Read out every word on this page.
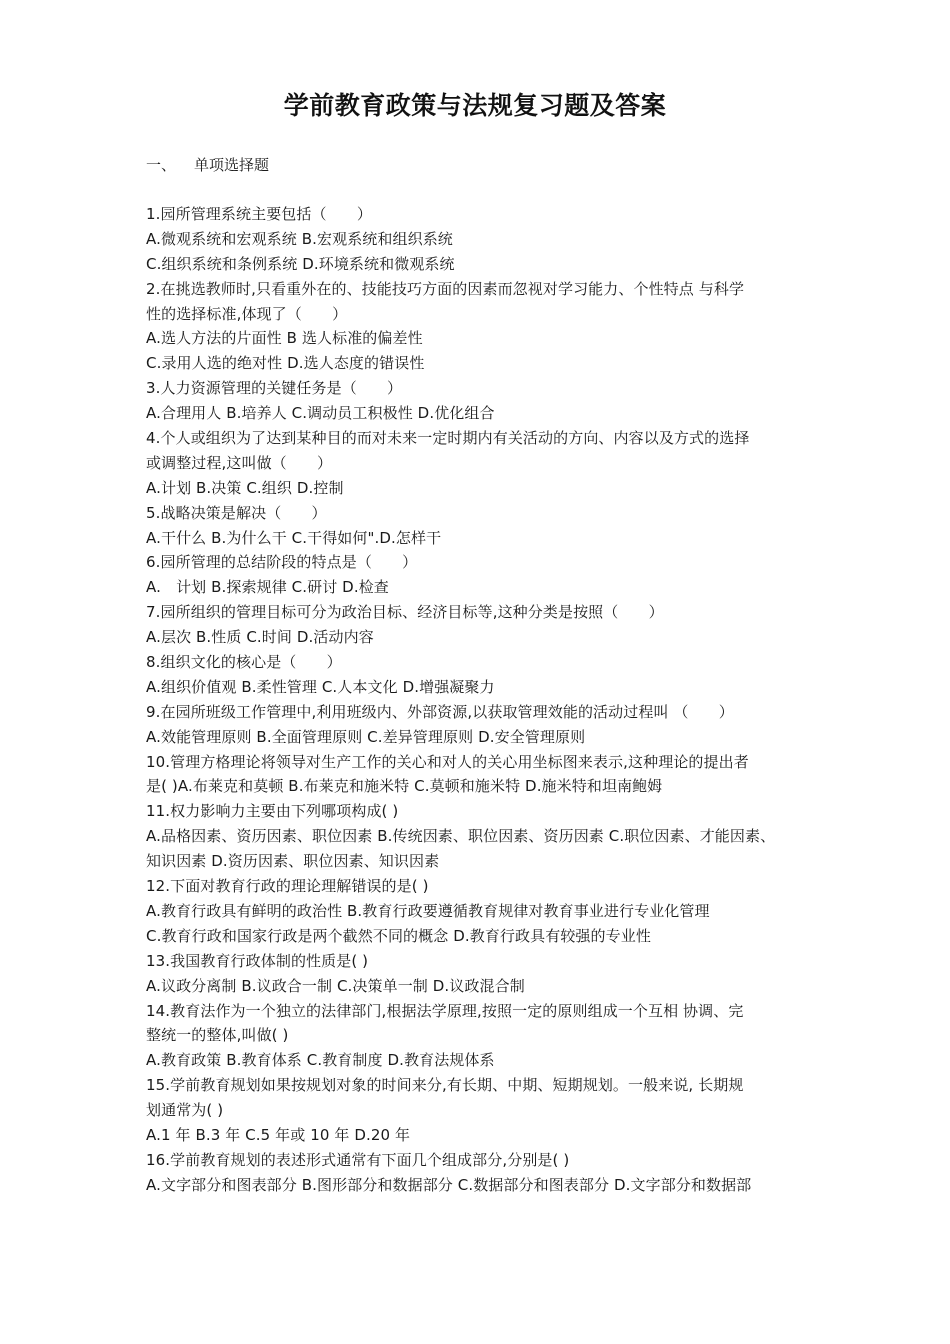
学前教育政策与法规复习题及答案
一、 单项选择题
1.园所管理系统主要包括（　　）
A.微观系统和宏观系统 B.宏观系统和组织系统
C.组织系统和条例系统 D.环境系统和微观系统
2.在挑选教师时,只看重外在的、技能技巧方面的因素而忽视对学习能力、个性特点 与科学
性的选择标准,体现了（　　）
A.选人方法的片面性 B 选人标准的偏差性
C.录用人选的绝对性 D.选人态度的错误性
3.人力资源管理的关键任务是（　　）
A.合理用人 B.培养人 C.调动员工积极性 D.优化组合
4.个人或组织为了达到某种目的而对未来一定时期内有关活动的方向、内容以及方式的选择
或调整过程,这叫做（　　）
A.计划 B.决策 C.组织 D.控制
5.战略决策是解决（　　）
A.干什么 B.为什么干 C.干得如何".D.怎样干
6.园所管理的总结阶段的特点是（　　）
A.　计划 B.探索规律 C.研讨 D.检查
7.园所组织的管理目标可分为政治目标、经济目标等,这种分类是按照（　　）
A.层次 B.性质 C.时间 D.活动内容
8.组织文化的核心是（　　）
A.组织价值观 B.柔性管理 C.人本文化 D.增强凝聚力
9.在园所班级工作管理中,利用班级内、外部资源,以获取管理效能的活动过程叫 （　　）
A.效能管理原则 B.全面管理原则 C.差异管理原则 D.安全管理原则
10.管理方格理论将领导对生产工作的关心和对人的关心用坐标图来表示,这种理论的提出者
是( )A.布莱克和莫顿 B.布莱克和施米特 C.莫顿和施米特 D.施米特和坦南鲍姆
11.权力影响力主要由下列哪项构成( )
A.品格因素、资历因素、职位因素 B.传统因素、职位因素、资历因素 C.职位因素、才能因素、
知识因素 D.资历因素、职位因素、知识因素
12.下面对教育行政的理论理解错误的是( )
A.教育行政具有鲜明的政治性 B.教育行政要遵循教育规律对教育事业进行专业化管理
C.教育行政和国家行政是两个截然不同的概念 D.教育行政具有较强的专业性
13.我国教育行政体制的性质是( )
A.议政分离制 B.议政合一制 C.决策单一制 D.议政混合制
14.教育法作为一个独立的法律部门,根据法学原理,按照一定的原则组成一个互相 协调、完
整统一的整体,叫做( )
A.教育政策 B.教育体系 C.教育制度 D.教育法规体系
15.学前教育规划如果按规划对象的时间来分,有长期、中期、短期规划。一般来说, 长期规
划通常为( )
A.1 年 B.3 年 C.5 年或 10 年 D.20 年
16.学前教育规划的表述形式通常有下面几个组成部分,分别是( )
A.文字部分和图表部分 B.图形部分和数据部分 C.数据部分和图表部分 D.文字部分和数据部
